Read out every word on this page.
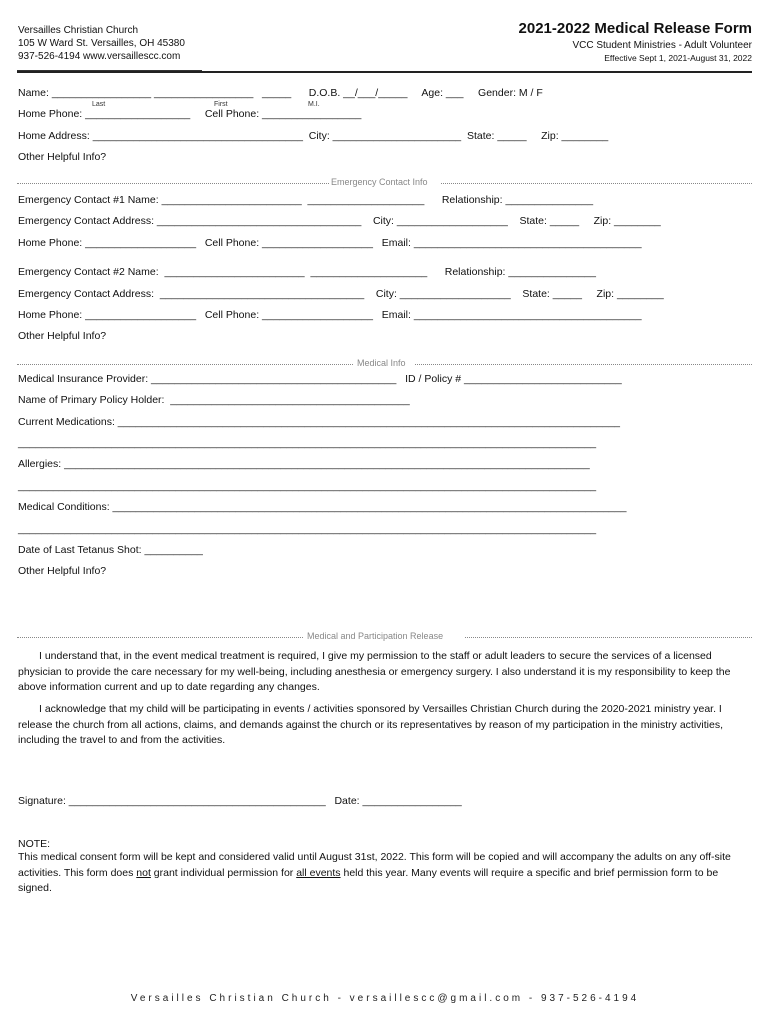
Versailles Christian Church
105 W Ward St. Versailles, OH 45380
937-526-4194 www.versaillescc.com
2021-2022 Medical Release Form
VCC Student Ministries - Adult Volunteer
Effective Sept 1, 2021-August 31, 2022
Name: _________________ _________________   _____      D.O.B. __/___/_____     Age: ___     Gender: M / F
Last	First	M.I.
Home Phone: __________________     Cell Phone: _________________
Home Address: ____________________________________  City: ______________________  State: _____     Zip: ________
Other Helpful Info?
Emergency Contact Info
Emergency Contact #1 Name: ________________________  ____________________      Relationship: _______________
Emergency Contact Address: ___________________________________    City: ___________________    State: _____     Zip: ________
Home Phone: ___________________   Cell Phone: ___________________   Email: _______________________________________
Emergency Contact #2 Name:  ________________________  ____________________      Relationship: _______________
Emergency Contact Address:  ___________________________________    City: ___________________    State: _____     Zip: ________
Home Phone: ___________________   Cell Phone: ___________________   Email: _______________________________________
Other Helpful Info?
Medical Info
Medical Insurance Provider: __________________________________________   ID / Policy # ___________________________
Name of Primary Policy Holder:  _________________________________________
Current Medications: ______________________________________________________________________________________
___________________________________________________________________________________________________
Allergies: __________________________________________________________________________________________
___________________________________________________________________________________________________
Medical Conditions: ________________________________________________________________________________________
___________________________________________________________________________________________________
Date of Last Tetanus Shot: __________
Other Helpful Info?
Medical and Participation Release
I understand that, in the event medical treatment is required, I give my permission to the staff or adult leaders to secure the services of a licensed physician to provide the care necessary for my well-being, including anesthesia or emergency surgery. I also understand it is my responsibility to keep the above information current and up to date regarding any changes.
I acknowledge that my child will be participating in events / activities sponsored by Versailles Christian Church during the 2020-2021 ministry year. I release the church from all actions, claims, and demands against the church or its representatives by reason of my participation in the ministry activities, including the travel to and from the activities.
Signature: ____________________________________________   Date: _________________
NOTE:
This medical consent form will be kept and considered valid until August 31st, 2022. This form will be copied and will accompany the adults on any off-site activities. This form does not grant individual permission for all events held this year. Many events will require a specific and brief permission form to be signed.
Versailles Christian Church - versaillescc@gmail.com - 937-526-4194
